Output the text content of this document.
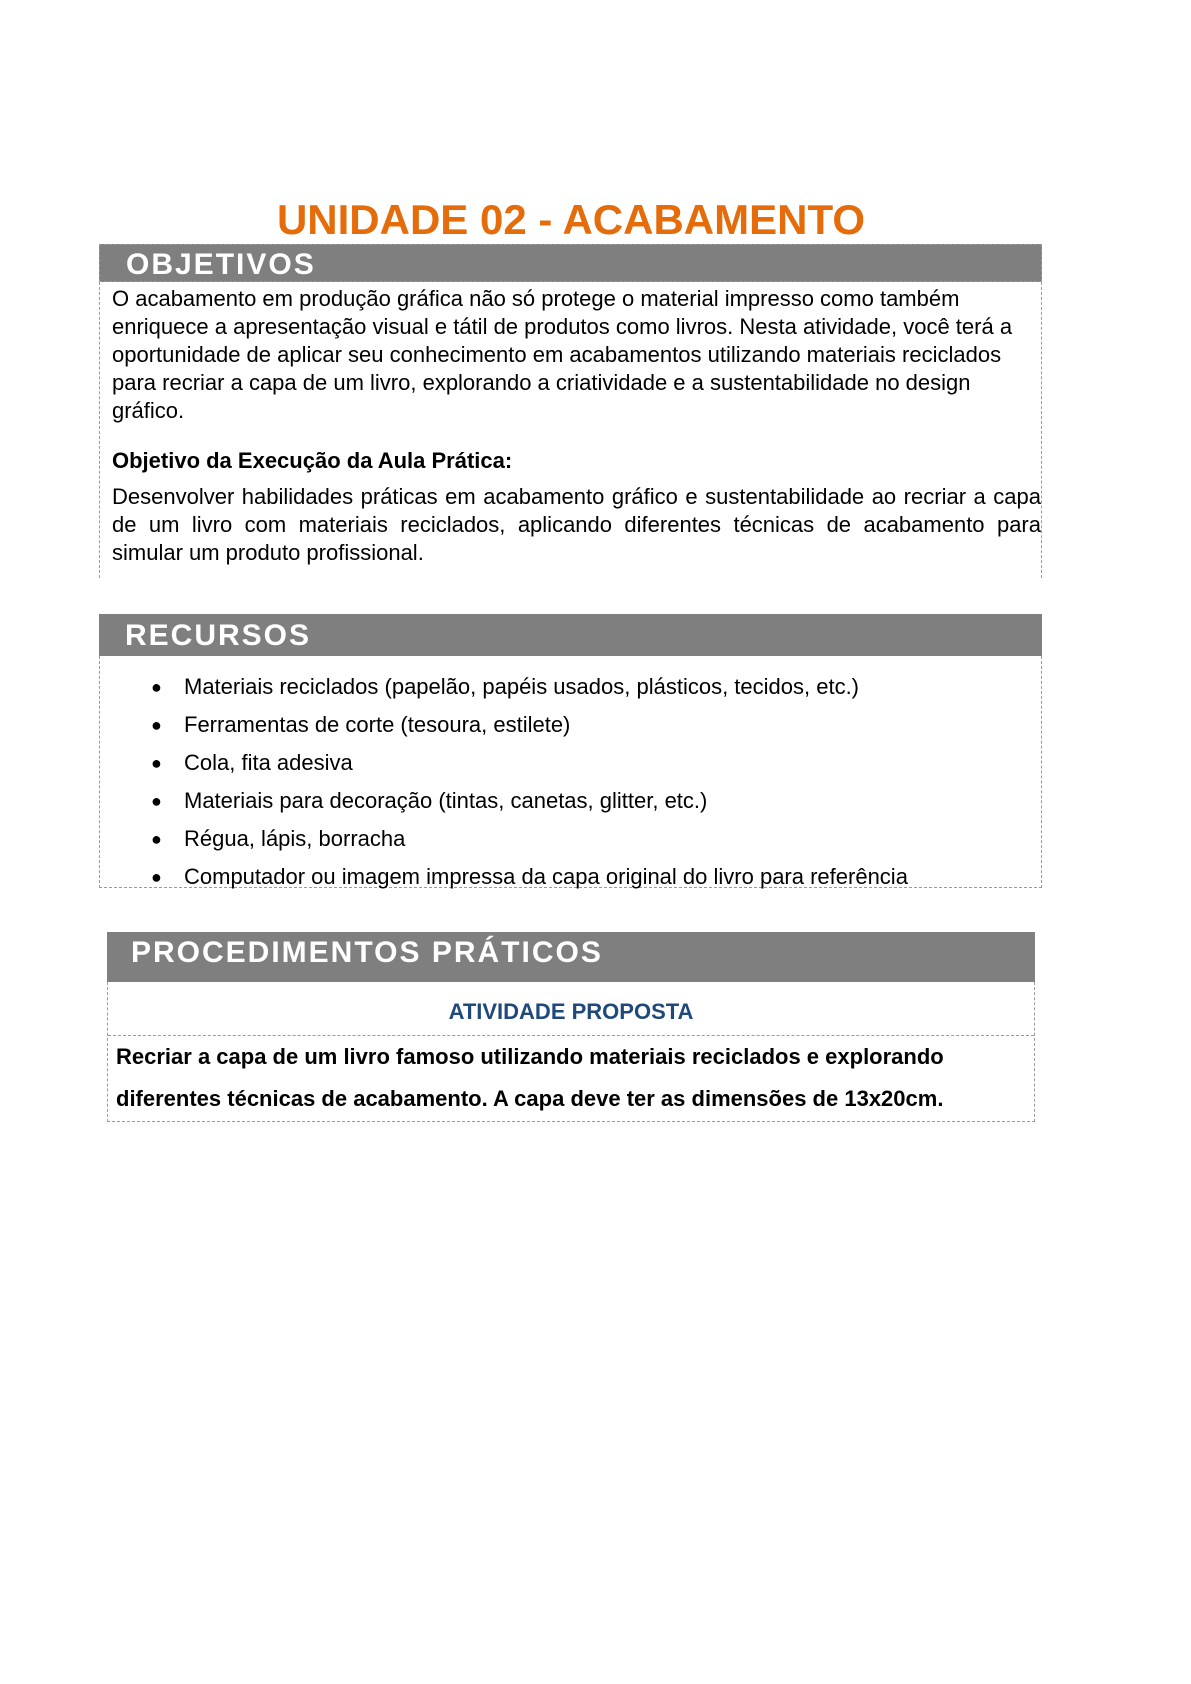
UNIDADE 02 - ACABAMENTO
OBJETIVOS

O acabamento em produção gráfica não só protege o material impresso como também enriquece a apresentação visual e tátil de produtos como livros. Nesta atividade, você terá a oportunidade de aplicar seu conhecimento em acabamentos utilizando materiais reciclados para recriar a capa de um livro, explorando a criatividade e a sustentabilidade no design gráfico.

Objetivo da Execução da Aula Prática:

Desenvolver habilidades práticas em acabamento gráfico e sustentabilidade ao recriar a capa de um livro com materiais reciclados, aplicando diferentes técnicas de acabamento para simular um produto profissional.

RECURSOS
● Materiais reciclados (papelão, papéis usados, plásticos, tecidos, etc.)
● Ferramentas de corte (tesoura, estilete)
● Cola, fita adesiva
● Materiais para decoração (tintas, canetas, glitter, etc.)
● Régua, lápis, borracha
● Computador ou imagem impressa da capa original do livro para referência
PROCEDIMENTOS PRÁTICOS
ATIVIDADE PROPOSTA

Recriar a capa de um livro famoso utilizando materiais reciclados e explorando diferentes técnicas de acabamento. A capa deve ter as dimensões de 13x20cm.
